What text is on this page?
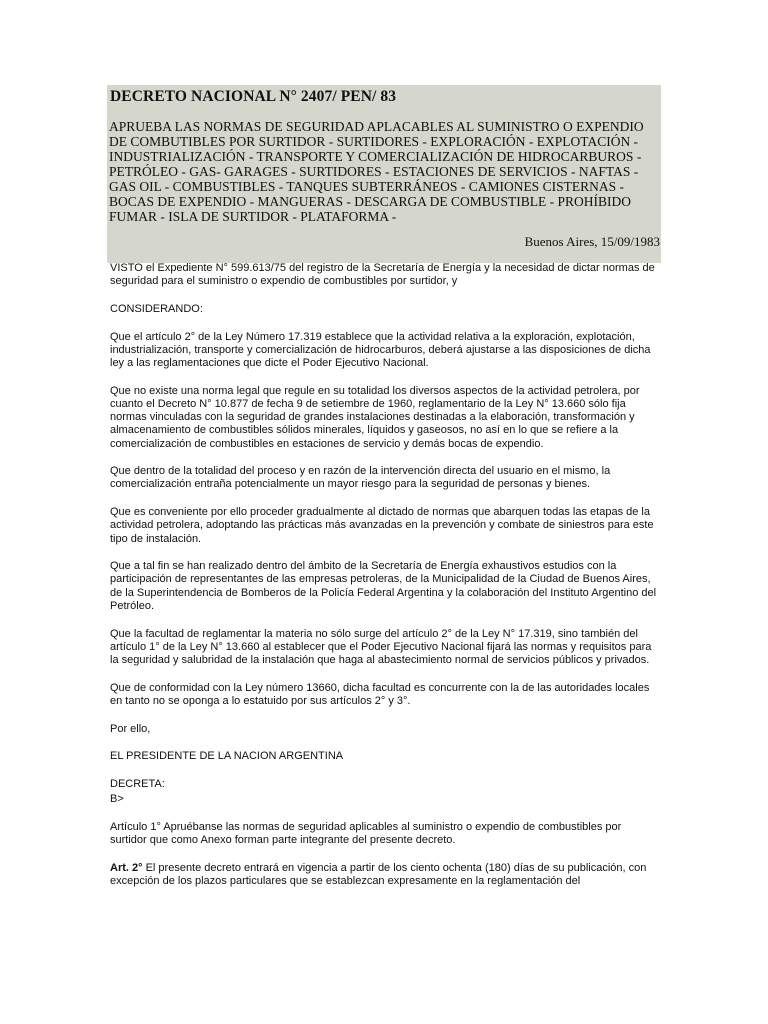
DECRETO NACIONAL N° 2407/ PEN/ 83

APRUEBA LAS NORMAS DE SEGURIDAD APLACABLES AL SUMINISTRO O EXPENDIO DE COMBUTIBLES POR SURTIDOR - SURTIDORES - EXPLORACIÓN - EXPLOTACIÓN - INDUSTRIALIZACIÓN - TRANSPORTE Y COMERCIALIZACIÓN DE HIDROCARBUROS - PETRÓLEO - GAS- GARAGES - SURTIDORES - ESTACIONES DE SERVICIOS - NAFTAS - GAS OIL - COMBUSTIBLES - TANQUES SUBTERRÁNEOS - CAMIONES CISTERNAS - BOCAS DE EXPENDIO - MANGUERAS - DESCARGA DE COMBUSTIBLE - PROHÍBIDO FUMAR - ISLA DE SURTIDOR - PLATAFORMA -

Buenos Aires, 15/09/1983

VISTO el Expediente N° 599.613/75 del registro de la Secretaría de Energía y la necesidad de dictar normas de seguridad para el suministro o expendio de combustibles por surtidor, y

CONSIDERANDO:

Que el artículo 2° de la Ley Número 17.319 establece que la actividad relativa a la exploración, explotación, industrialización, transporte y comercialización de hidrocarburos, deberá ajustarse a las disposiciones de dicha ley a las reglamentaciones que dicte el Poder Ejecutivo Nacional.

Que no existe una norma legal que regule en su totalidad los diversos aspectos de la actividad petrolera, por cuanto el Decreto N° 10.877 de fecha 9 de setiembre de 1960, reglamentario de la Ley N° 13.660 sólo fija normas vinculadas con la seguridad de grandes instalaciones destinadas a la elaboración, transformación y almacenamiento de combustibles sólidos minerales, líquidos y gaseosos, no así en lo que se refiere a la comercialización de combustibles en estaciones de servicio y demás bocas de expendio.

Que dentro de la totalidad del proceso y en razón de la intervención directa del usuario en el mismo, la comercialización entraña potencialmente un mayor riesgo para la seguridad de personas y bienes.

Que es conveniente por ello proceder gradualmente al dictado de normas que abarquen todas las etapas de la actividad petrolera, adoptando las prácticas más avanzadas en la prevención y combate de siniestros para este tipo de instalación.

Que a tal fin se han realizado dentro del ámbito de la Secretaría de Energía exhaustivos estudios con la participación de representantes de las empresas petroleras, de la Municipalidad de la Ciudad de Buenos Aires, de la Superintendencia de Bomberos de la Policía Federal Argentina y la colaboración del Instituto Argentino del Petróleo.

Que la facultad de reglamentar la materia no sólo surge del artículo 2° de la Ley N° 17.319, sino también del artículo 1° de la Ley N° 13.660 al establecer que el Poder Ejecutivo Nacional fijará las normas y requisitos para la seguridad y salubridad de la instalación que haga al abastecimiento normal de servicios públicos y privados.

Que de conformidad con la Ley número 13660, dicha facultad es concurrente con la de las autoridades locales en tanto no se oponga a lo estatuido por sus artículos 2° y 3°.

Por ello,

EL PRESIDENTE DE LA NACION ARGENTINA

DECRETA:

B>

Artículo 1° Apruébanse las normas de seguridad aplicables al suministro o expendio de combustibles por surtidor que como Anexo forman parte integrante del presente decreto.

Art. 2° El presente decreto entrará en vigencia a partir de los ciento ochenta (180) días de su publicación, con excepción de los plazos particulares que se establezcan expresamente en la reglamentación del
